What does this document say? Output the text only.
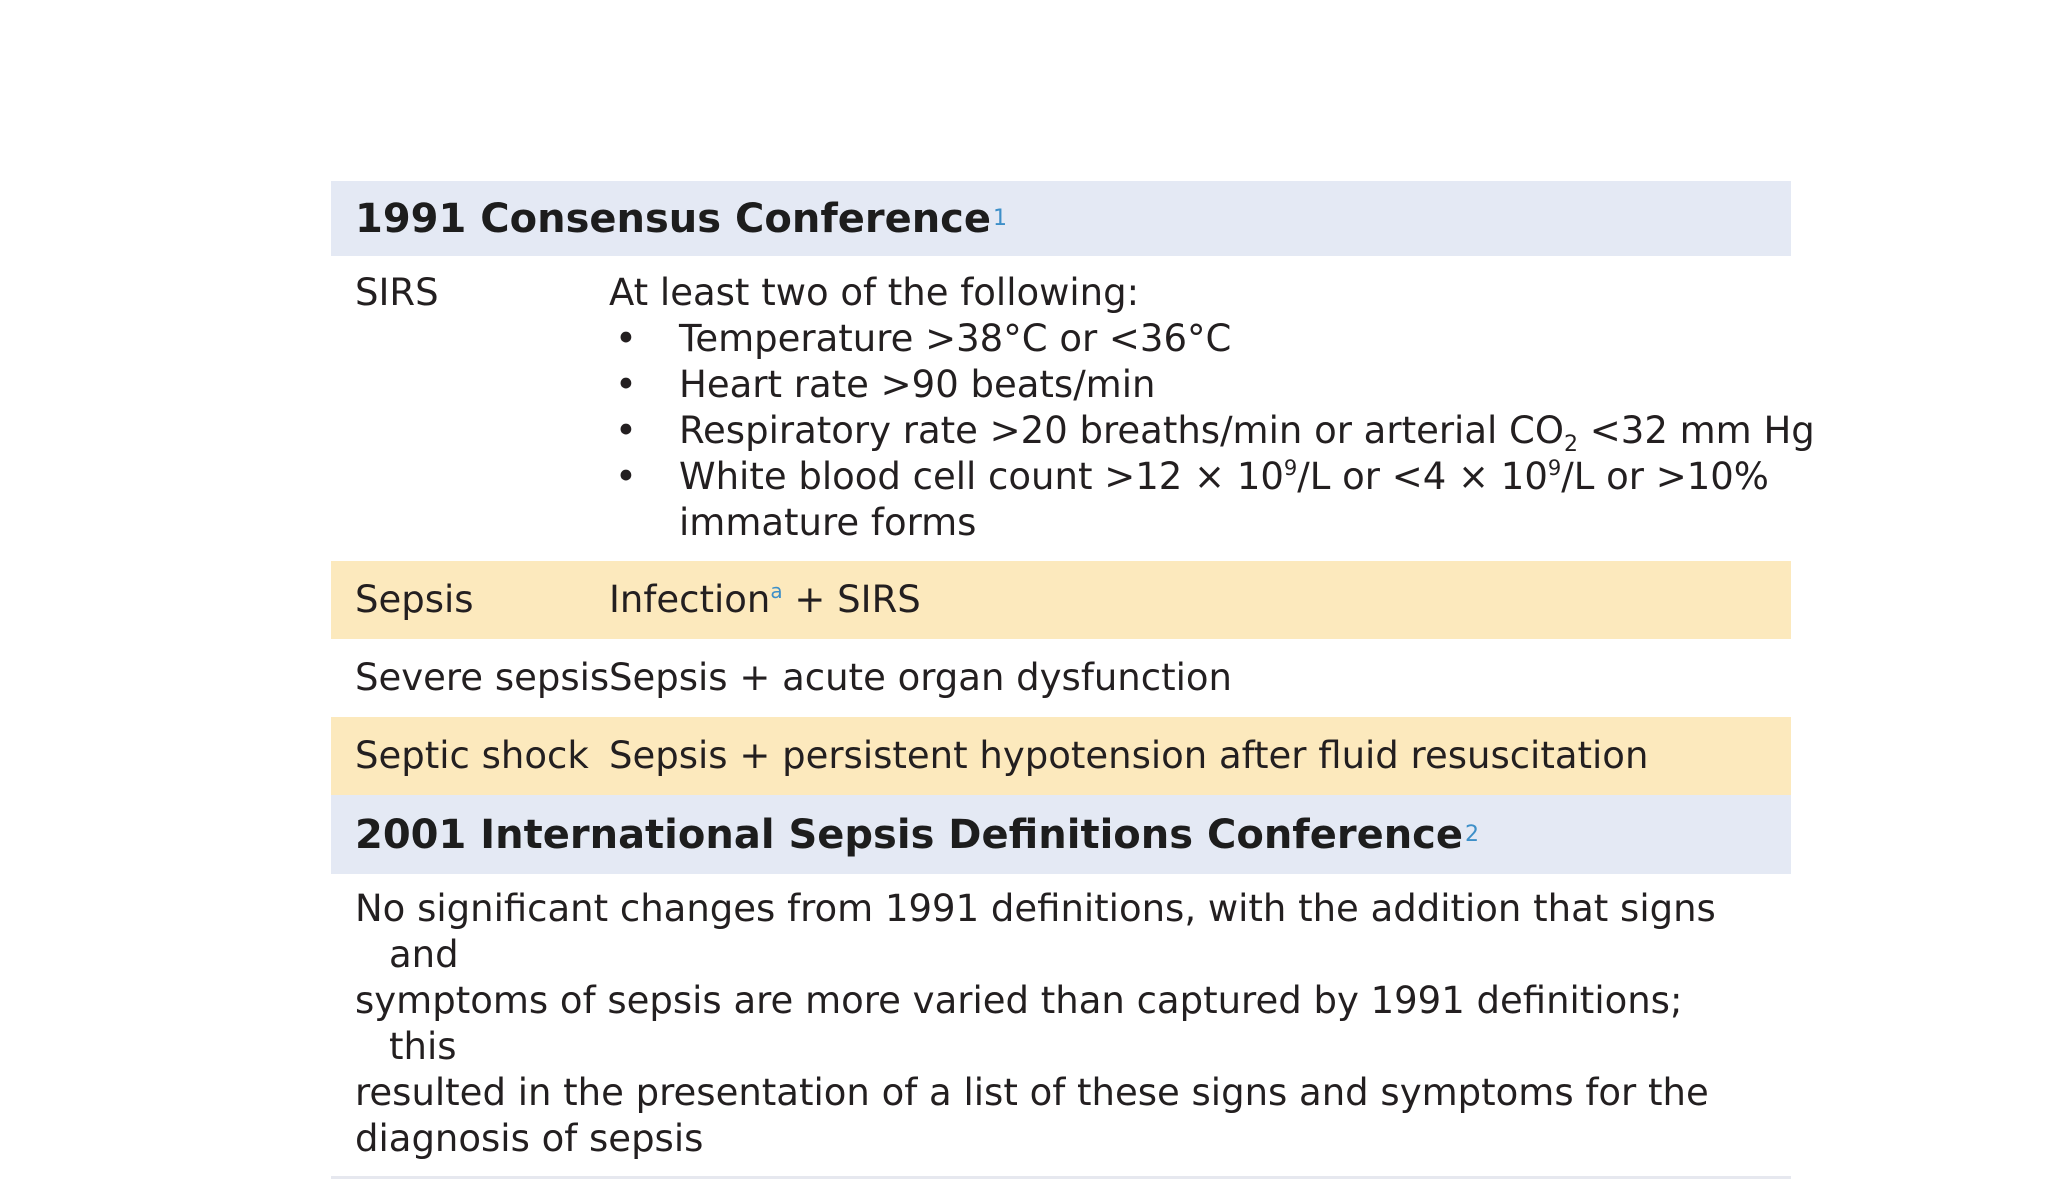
1991 Consensus Conference 1
SIRS	At least two of the following:
• Temperature >38°C or <36°C
• Heart rate >90 beats/min
• Respiratory rate >20 breaths/min or arterial $CO_2 <32$ mm Hg
• White blood cell count $>12 \times 10^9/L$ or $<4 \times 10^9/L$ or >10%
immature forms
Sepsis	Infection$^a$ + SIRS
Severe sepsis Sepsis + acute organ dysfunction
Septic shock Sepsis + persistent hypotension after fluid resuscitation
2001 International Sepsis Definitions Conference 2
No significant changes from 1991 definitions, with the addition that signs and
symptoms of sepsis are more varied than captured by 1991 definitions; this
resulted in the presentation of a list of these signs and symptoms for the
diagnosis of sepsis
